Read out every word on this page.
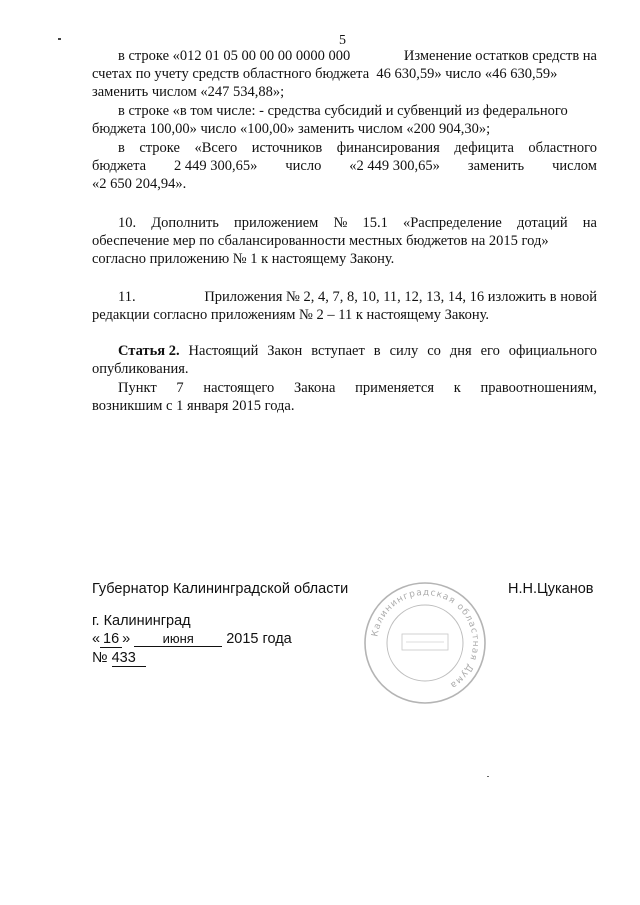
5
в строке «012 01 05 00 00 00 0000 000	Изменение остатков средств на
счетах по учету средств областного бюджета  46 630,59» число «46 630,59»
заменить числом «247 534,88»;
в строке «в том числе: - средства субсидий и субвенций из федерального
бюджета 100,00» число «100,00» заменить числом «200 904,30»;
в строке «Всего источников финансирования дефицита областного
бюджета 2 449 300,65» число «2 449 300,65» заменить числом
«2 650 204,94».
10. Дополнить приложением № 15.1 «Распределение дотаций на
обеспечение мер по сбалансированности местных бюджетов на 2015 год»
согласно приложению № 1 к настоящему Закону.
11.	Приложения № 2, 4, 7, 8, 10, 11, 12, 13, 14, 16 изложить в новой
редакции согласно приложениям № 2 – 11 к настоящему Закону.
Статья 2. Настоящий Закон вступает в силу со дня его официального
опубликования.
Пункт 7 настоящего Закона применяется к правоотношениям,
возникшим с 1 января 2015 года.
Губернатор Калининградской области	Н.Н.Цуканов
г. Калининград
« 16 » июня 2015 года
№ 433
Калининградская областная Дума
